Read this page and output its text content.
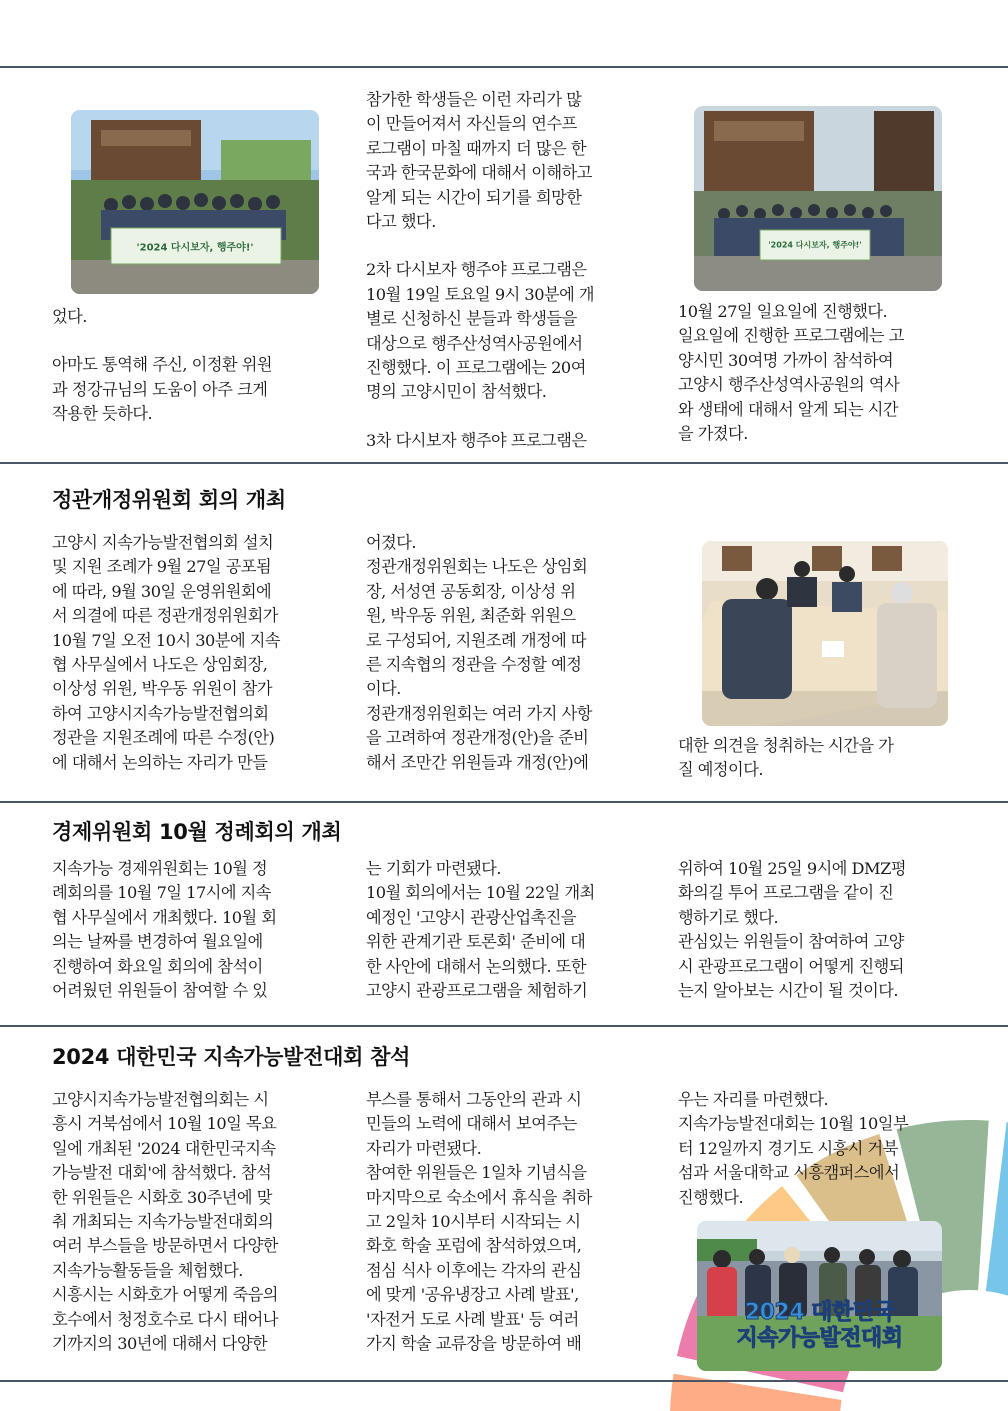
'2024 다시보자, 행주야!'

었다.

아마도 통역해 주신, 이정환 위원

과 정강규님의 도움이 아주 크게

작용한 듯하다.

참가한 학생들은 이런 자리가 많

이 만들어져서 자신들의 연수프

로그램이 마칠 때까지 더 많은 한

국과 한국문화에 대해서 이해하고

알게 되는 시간이 되기를 희망한

다고 했다.

2차 다시보자 행주야 프로그램은

10월 19일 토요일 9시 30분에 개

별로 신청하신 분들과 학생들을

대상으로 행주산성역사공원에서

진행했다. 이 프로그램에는 20여

명의 고양시민이 참석했다.

3차 다시보자 행주야 프로그램은

'2024 다시보자, 행주야!'

10월 27일 일요일에 진행했다.

일요일에 진행한 프로그램에는 고

양시민 30여명 가까이 참석하여

고양시 행주산성역사공원의 역사

와 생태에 대해서 알게 되는 시간

을 가졌다.

정관개정위원회 회의 개최

고양시 지속가능발전협의회 설치

및 지원 조례가 9월 27일 공포됨

에 따라, 9월 30일 운영위원회에

서 의결에 따른 정관개정위원회가

10월 7일 오전 10시 30분에 지속

협 사무실에서 나도은 상임회장,

이상성 위원, 박우동 위원이 참가

하여 고양시지속가능발전협의회

정관을 지원조례에 따른 수정(안)

에 대해서 논의하는 자리가 만들

어졌다.

정관개정위원회는 나도은 상임회

장, 서성연 공동회장, 이상성 위

원, 박우동 위원, 최준화 위원으

로 구성되어, 지원조례 개정에 따

른 지속협의 정관을 수정할 예정

이다.

정관개정위원회는 여러 가지 사항

을 고려하여 정관개정(안)을 준비

해서 조만간 위원들과 개정(안)에

대한 의견을 청취하는 시간을 가

질 예정이다.

경제위원회 10월 정례회의 개최

지속가능 경제위원회는 10월 정

례회의를 10월 7일 17시에 지속

협 사무실에서 개최했다. 10월 회

의는 날짜를 변경하여 월요일에

진행하여 화요일 회의에 참석이

어려웠던 위원들이 참여할 수 있

는 기회가 마련됐다.

10월 회의에서는 10월 22일 개최

예정인 '고양시 관광산업촉진을

위한 관계기관 토론회' 준비에 대

한 사안에 대해서 논의했다. 또한

고양시 관광프로그램을 체험하기

위하여 10월 25일 9시에 DMZ평

화의길 투어 프로그램을 같이 진

행하기로 했다.

관심있는 위원들이 참여하여 고양

시 관광프로그램이 어떻게 진행되

는지 알아보는 시간이 될 것이다.

2024 대한민국 지속가능발전대회 참석

고양시지속가능발전협의회는 시

흥시 거북섬에서 10월 10일 목요

일에 개최된 '2024 대한민국지속

가능발전 대회'에 참석했다. 참석

한 위원들은 시화호 30주년에 맞

춰 개최되는 지속가능발전대회의

여러 부스들을 방문하면서 다양한

지속가능활동들을 체험했다.

시흥시는 시화호가 어떻게 죽음의

호수에서 청정호수로 다시 태어나

기까지의 30년에 대해서 다양한

부스를 통해서 그동안의 관과 시

민들의 노력에 대해서 보여주는

자리가 마련됐다.

참여한 위원들은 1일차 기념식을

마지막으로 숙소에서 휴식을 취하

고 2일차 10시부터 시작되는 시

화호 학술 포럼에 참석하였으며,

점심 식사 이후에는 각자의 관심

에 맞게 '공유냉장고 사례 발표',

'자전거 도로 사례 발표' 등 여러

가지 학술 교류장을 방문하여 배

우는 자리를 마련했다.

지속가능발전대회는 10월 10일부

터 12일까지 경기도 시흥시 거북

섬과 서울대학교 시흥캠퍼스에서

진행했다.

2024 대한민국
지속가능발전대회
